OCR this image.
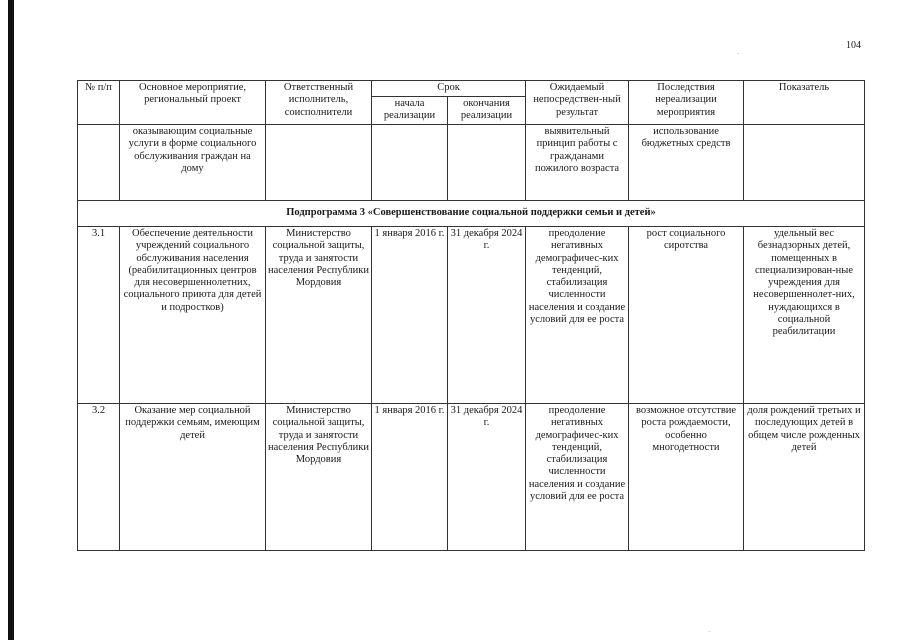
104
·
·
№ п/п	Основное мероприятие, региональный проект	Ответственный исполнитель, соисполнители	Срок		Ожидаемый непосредствен-ный результат	Последствия нереализации мероприятия	Показатель
			начала реализации	окончания реализации			
	оказывающим социальные услуги в форме социального обслуживания граждан на дому				выявительный принцип работы с гражданами пожилого возраста	использование бюджетных средств	
Подпрограмма 3 «Совершенствование социальной поддержки семьи и детей»							
3.1	Обеспечение деятельности учреждений социального обслуживания населения (реабилитационных центров для несовершеннолетних, социального приюта для детей и подростков)	Министерство социальной защиты, труда и занятости населения Республики Мордовия	1 января 2016 г.	31 декабря 2024 г.	преодоление негативных демографичес-ких тенденций, стабилизация численности населения и создание условий для ее роста	рост социального сиротства	удельный вес безнадзорных детей, помещенных в специализирован-ные учреждения для несовершеннолет-них, нуждающихся в социальной реабилитации
3.2	Оказание мер социальной поддержки семьям, имеющим детей	Министерство социальной защиты, труда и занятости населения Республики Мордовия	1 января 2016 г.	31 декабря 2024 г.	преодоление негативных демографичес-ких тенденций, стабилизация численности населения и создание условий для ее роста	возможное отсутствие роста рождаемости, особенно многодетности	доля рождений третьих и последующих детей в общем числе рожденных детей
